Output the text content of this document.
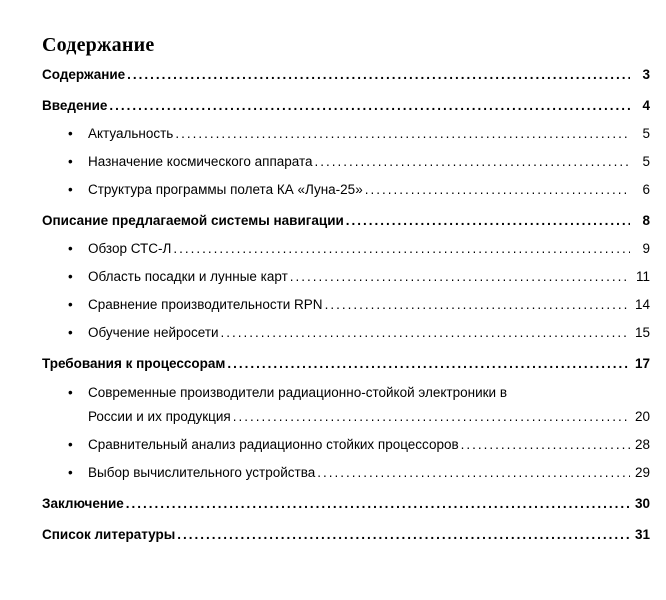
Содержание
Содержание .....	3
Введение .....	4
•	Актуальность .....	5
•	Назначение космического аппарата .....	5
•	Структура программы полета КА «Луна-25» .....	6
Описание предлагаемой системы навигации .....	8
•	Обзор СТС-Л .....	9
•	Область посадки и лунные карт .....	11
•	Сравнение производительности RPN .....	14
•	Обучение нейросети .....	15
Требования к процессорам .....	17
•	Современные производители радиационно-стойкой электроники в
России и их продукция .....	20
•	Сравнительный анализ радиационно стойких процессоров .....	28
•	Выбор вычислительного устройства .....	29
Заключение .....	30
Список литературы .....	31
